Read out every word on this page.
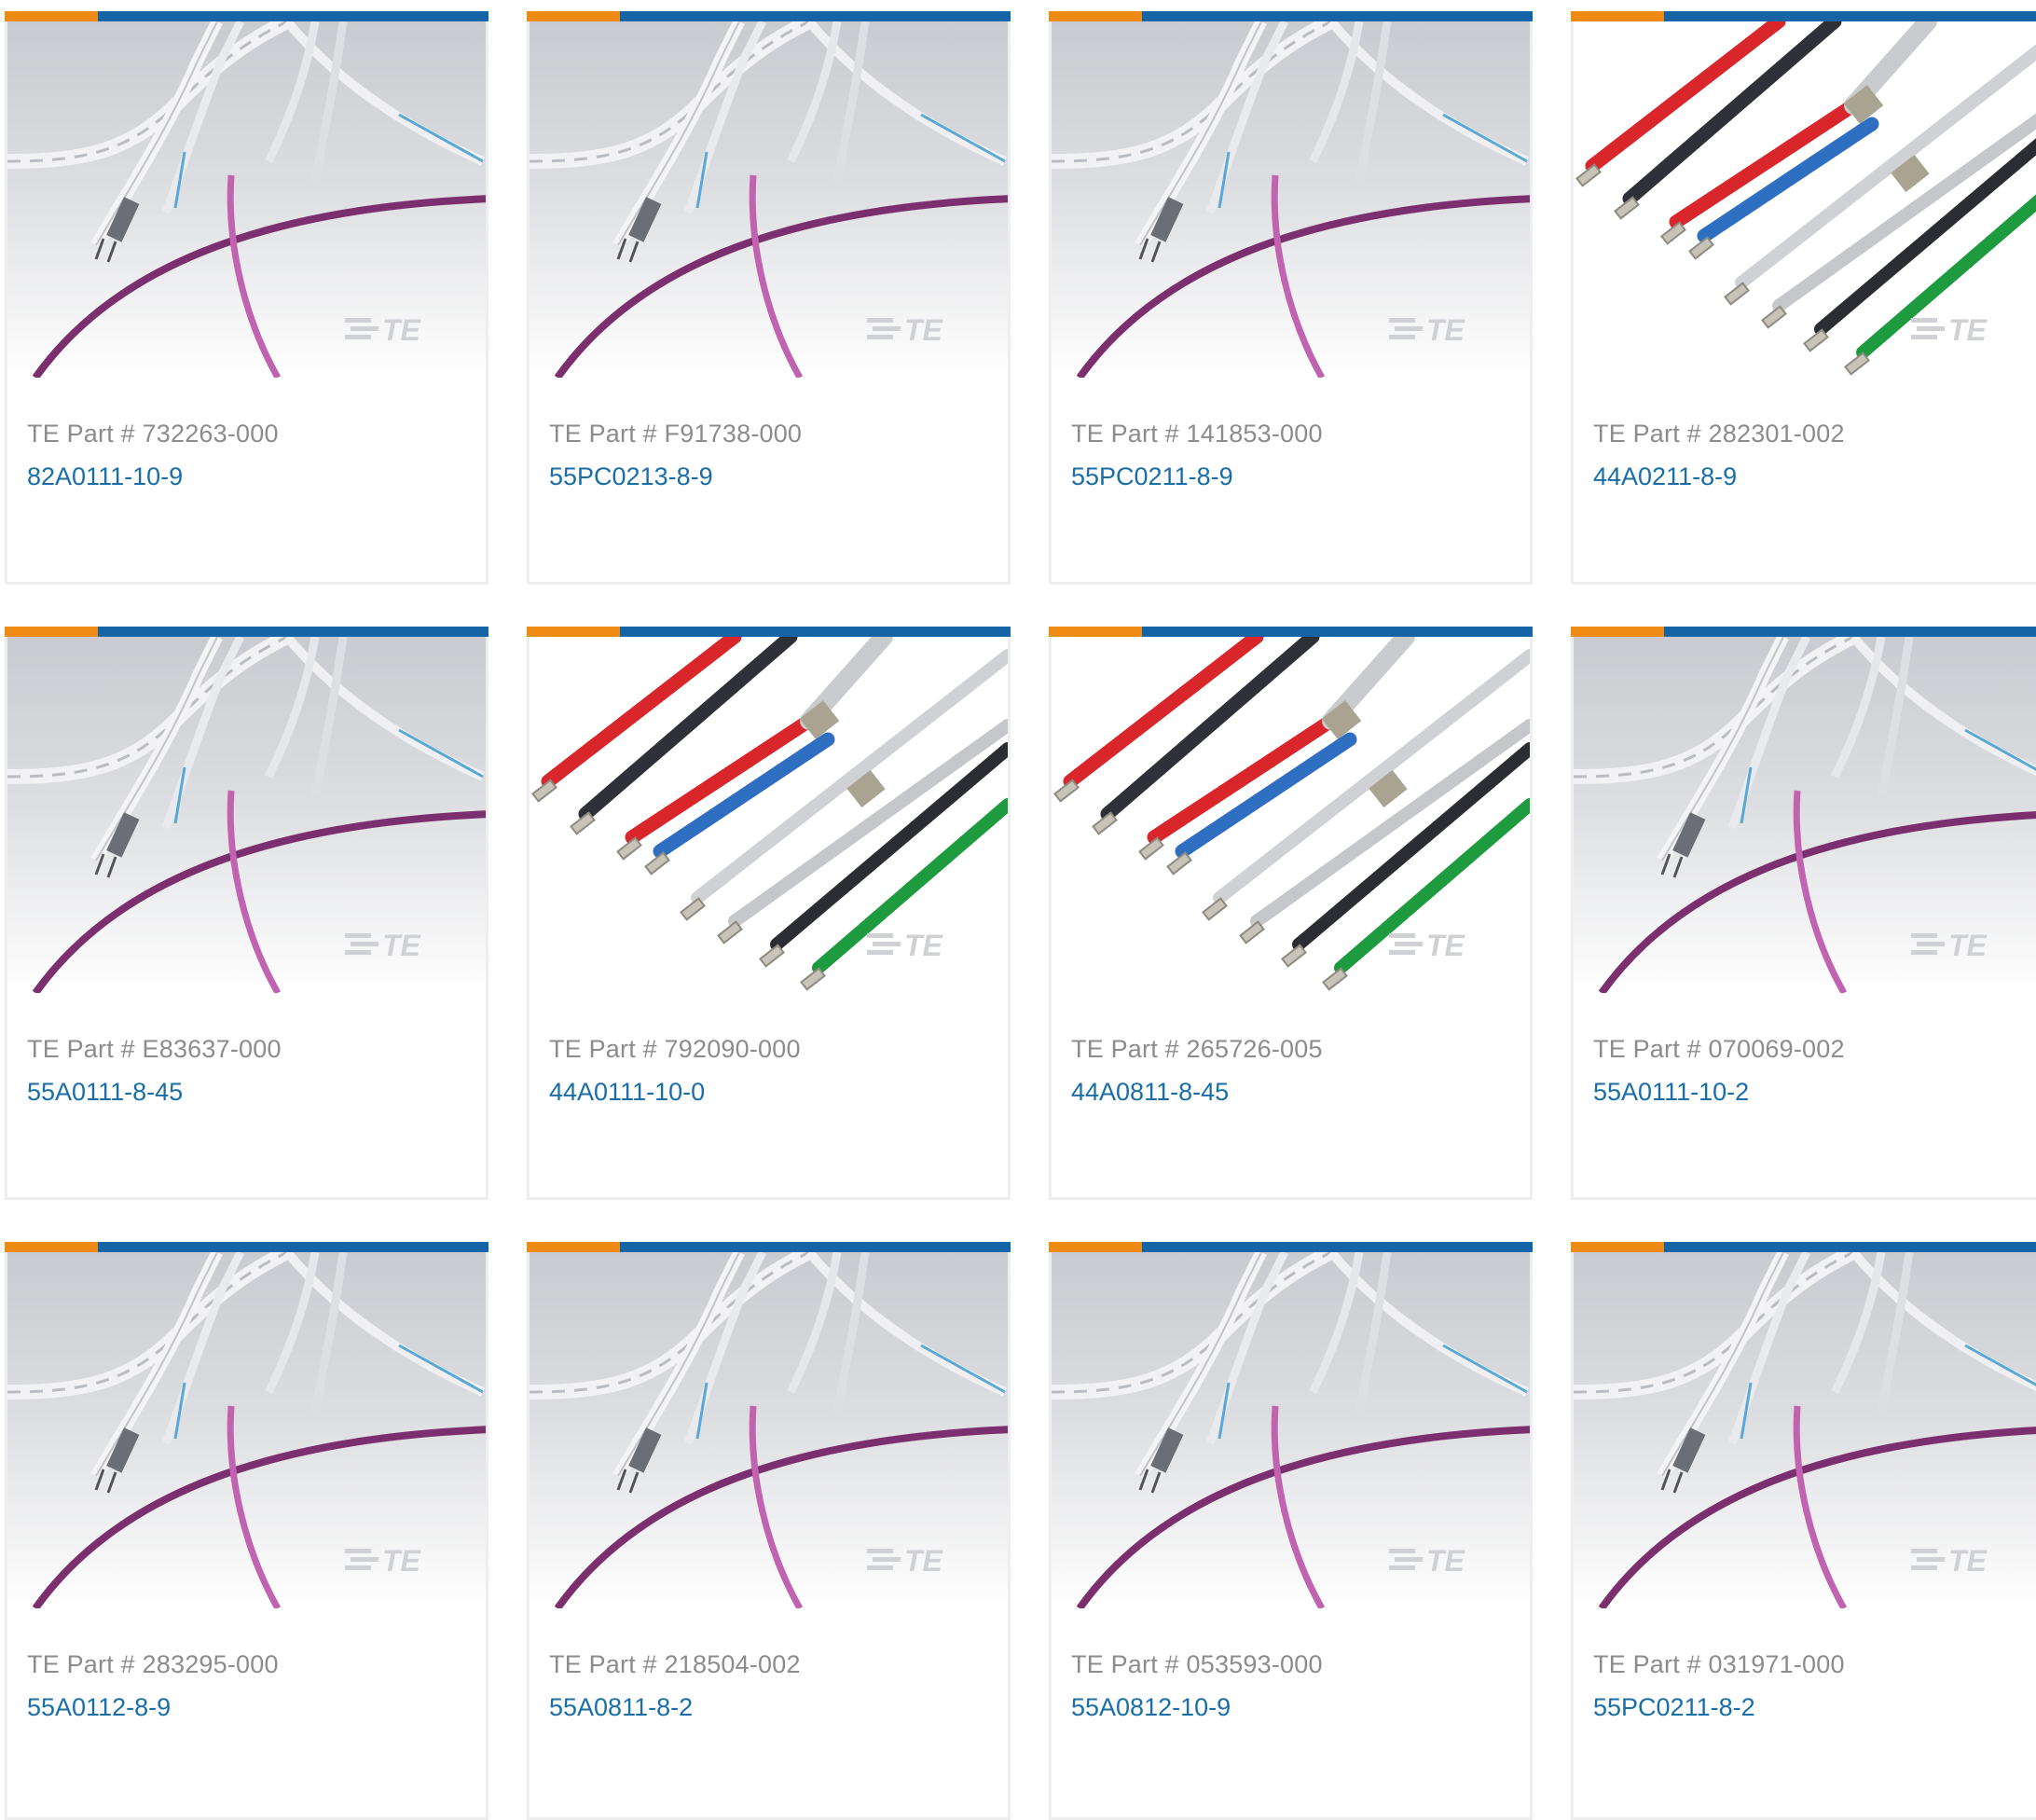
TE
TE Part # 732263-000
82A0111-10-9
TE
TE Part # F91738-000
55PC0213-8-9
TE
TE Part # 141853-000
55PC0211-8-9
TE
TE Part # 282301-002
44A0211-8-9
TE
TE Part # E83637-000
55A0111-8-45
TE
TE Part # 792090-000
44A0111-10-0
TE
TE Part # 265726-005
44A0811-8-45
TE
TE Part # 070069-002
55A0111-10-2
TE
TE Part # 283295-000
55A0112-8-9
TE
TE Part # 218504-002
55A0811-8-2
TE
TE Part # 053593-000
55A0812-10-9
TE
TE Part # 031971-000
55PC0211-8-2
